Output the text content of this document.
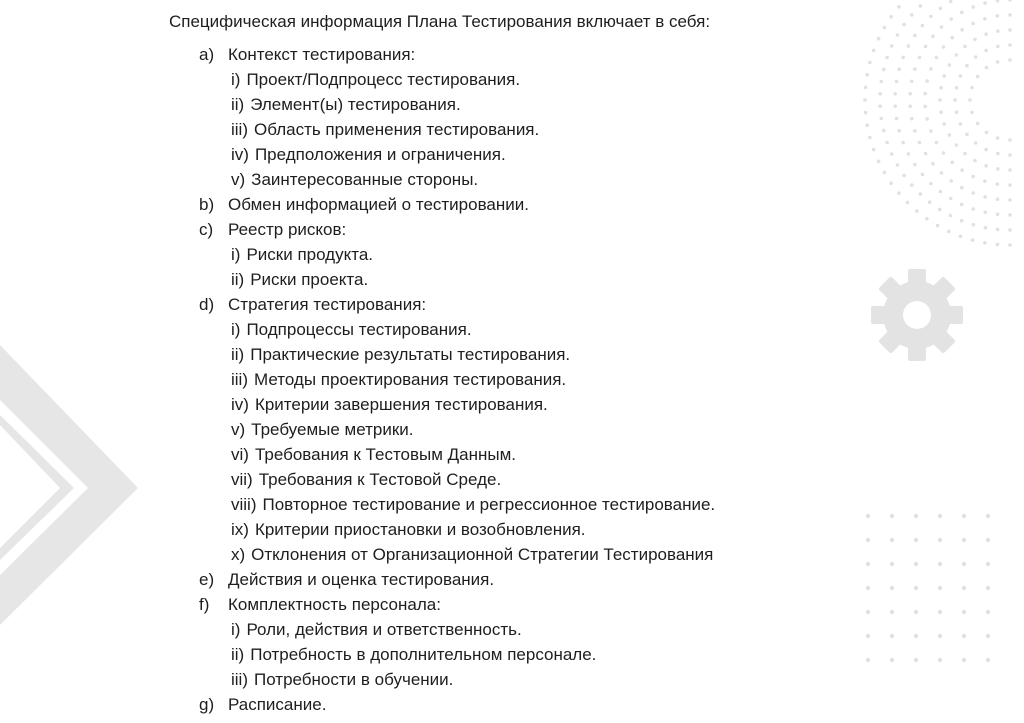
Специфическая информация Плана Тестирования включает в себя:
a) Контекст тестирования:
i) Проект/Подпроцесс тестирования.
ii) Элемент(ы) тестирования.
iii) Область применения тестирования.
iv) Предположения и ограничения.
v) Заинтересованные стороны.
b) Обмен информацией о тестировании.
c) Реестр рисков:
i) Риски продукта.
ii) Риски проекта.
d) Стратегия тестирования:
i) Подпроцессы тестирования.
ii) Практические результаты тестирования.
iii) Методы проектирования тестирования.
iv) Критерии завершения тестирования.
v) Требуемые метрики.
vi) Требования к Тестовым Данным.
vii) Требования к Тестовой Среде.
viii) Повторное тестирование и регрессионное тестирование.
ix) Критерии приостановки и возобновления.
x) Отклонения от Организационной Стратегии Тестирования
e) Действия и оценка тестирования.
f) Комплектность персонала:
i) Роли, действия и ответственность.
ii) Потребность в дополнительном персонале.
iii) Потребности в обучении.
g) Расписание.
